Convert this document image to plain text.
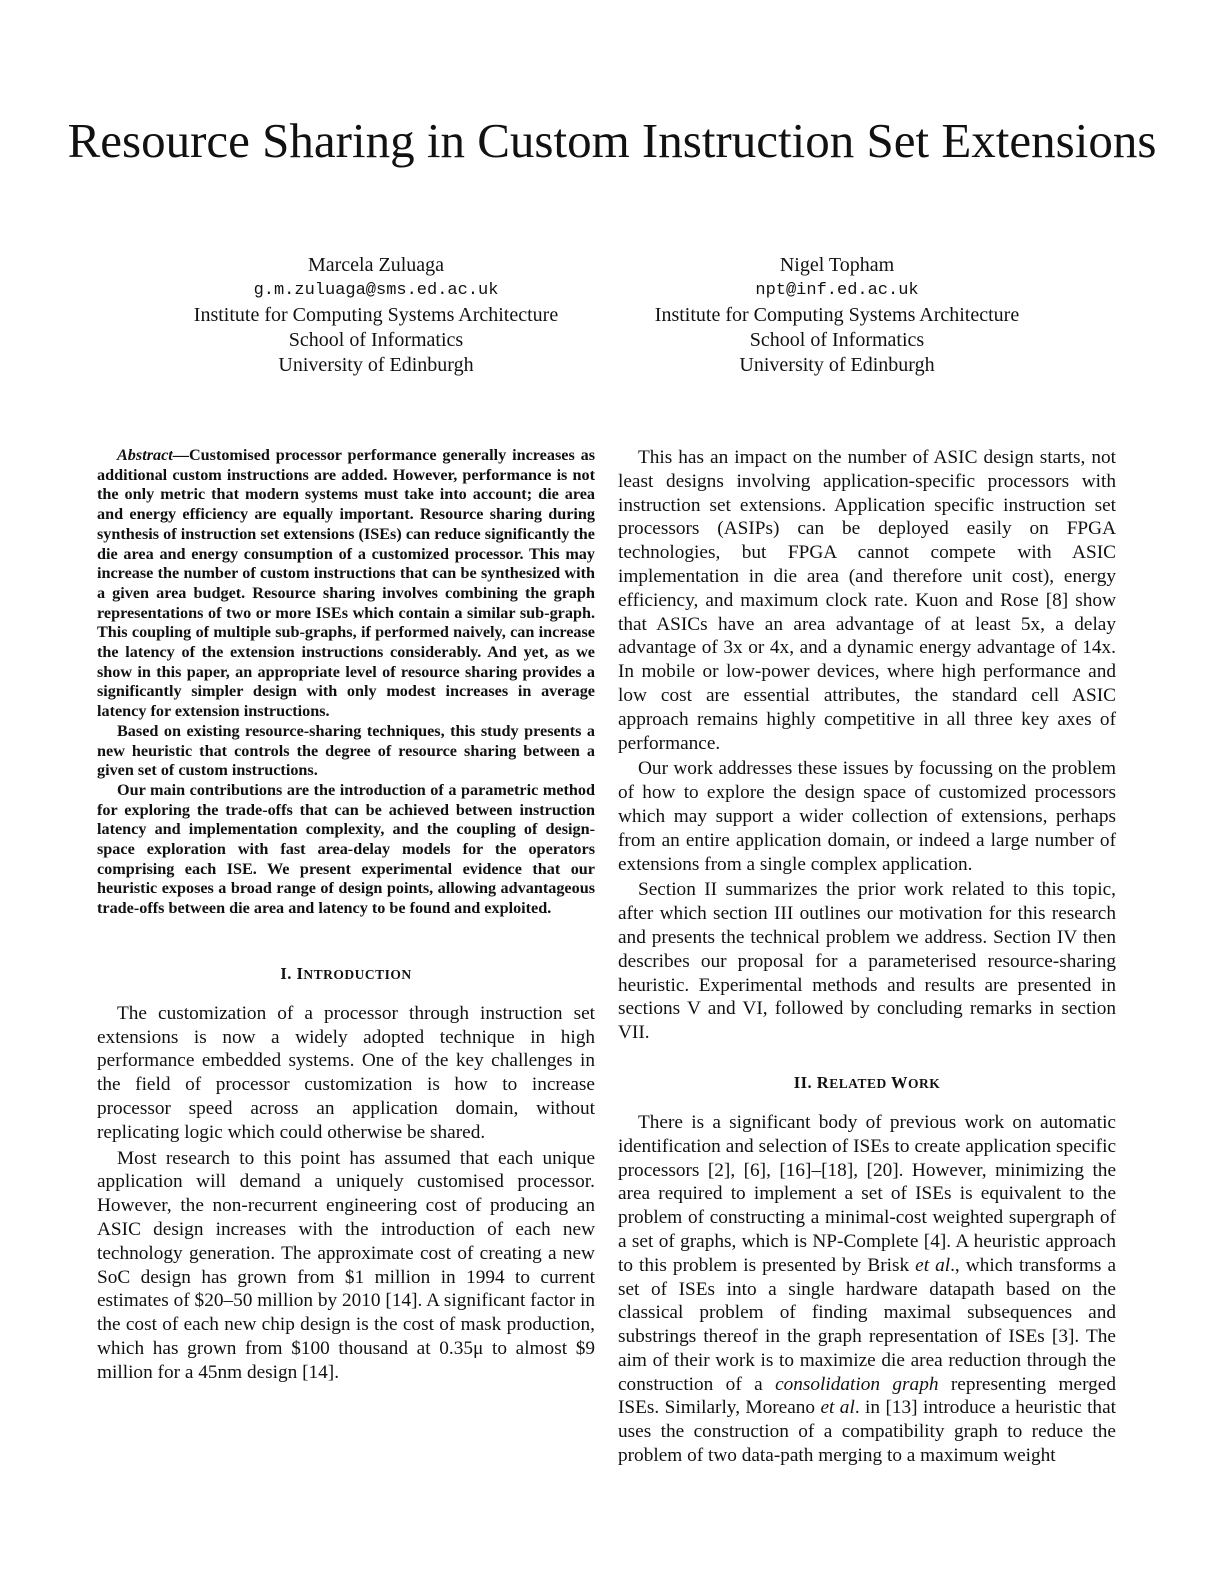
Resource Sharing in Custom Instruction Set Extensions
Marcela Zuluaga
g.m.zuluaga@sms.ed.ac.uk
Institute for Computing Systems Architecture
School of Informatics
University of Edinburgh
Nigel Topham
npt@inf.ed.ac.uk
Institute for Computing Systems Architecture
School of Informatics
University of Edinburgh

Abstract—Customised processor performance generally increases as additional custom instructions are added. However, performance is not the only metric that modern systems must take into account; die area and energy efficiency are equally important. Resource sharing during synthesis of instruction set extensions (ISEs) can reduce significantly the die area and energy consumption of a customized processor. This may increase the number of custom instructions that can be synthesized with a given area budget. Resource sharing involves combining the graph representations of two or more ISEs which contain a similar sub-graph. This coupling of multiple sub-graphs, if performed naively, can increase the latency of the extension instructions considerably. And yet, as we show in this paper, an appropriate level of resource sharing provides a significantly simpler design with only modest increases in average latency for extension instructions.

Based on existing resource-sharing techniques, this study presents a new heuristic that controls the degree of resource sharing between a given set of custom instructions.

Our main contributions are the introduction of a parametric method for exploring the trade-offs that can be achieved between instruction latency and implementation complexity, and the coupling of design-space exploration with fast area-delay models for the operators comprising each ISE. We present experimental evidence that our heuristic exposes a broad range of design points, allowing advantageous trade-offs between die area and latency to be found and exploited.

I. INTRODUCTION

The customization of a processor through instruction set extensions is now a widely adopted technique in high performance embedded systems. One of the key challenges in the field of processor customization is how to increase processor speed across an application domain, without replicating logic which could otherwise be shared.

Most research to this point has assumed that each unique application will demand a uniquely customised processor. However, the non-recurrent engineering cost of producing an ASIC design increases with the introduction of each new technology generation. The approximate cost of creating a new SoC design has grown from $1 million in 1994 to current estimates of $20–50 million by 2010 [14]. A significant factor in the cost of each new chip design is the cost of mask production, which has grown from $100 thousand at 0.35μ to almost $9 million for a 45nm design [14].

This has an impact on the number of ASIC design starts, not least designs involving application-specific processors with instruction set extensions. Application specific instruction set processors (ASIPs) can be deployed easily on FPGA technologies, but FPGA cannot compete with ASIC implementation in die area (and therefore unit cost), energy efficiency, and maximum clock rate. Kuon and Rose [8] show that ASICs have an area advantage of at least 5x, a delay advantage of 3x or 4x, and a dynamic energy advantage of 14x. In mobile or low-power devices, where high performance and low cost are essential attributes, the standard cell ASIC approach remains highly competitive in all three key axes of performance.

Our work addresses these issues by focussing on the problem of how to explore the design space of customized processors which may support a wider collection of extensions, perhaps from an entire application domain, or indeed a large number of extensions from a single complex application.

Section II summarizes the prior work related to this topic, after which section III outlines our motivation for this research and presents the technical problem we address. Section IV then describes our proposal for a parameterised resource-sharing heuristic. Experimental methods and results are presented in sections V and VI, followed by concluding remarks in section VII.

II. RELATED WORK

There is a significant body of previous work on automatic identification and selection of ISEs to create application specific processors [2], [6], [16]–[18], [20]. However, minimizing the area required to implement a set of ISEs is equivalent to the problem of constructing a minimal-cost weighted supergraph of a set of graphs, which is NP-Complete [4]. A heuristic approach to this problem is presented by Brisk et al., which transforms a set of ISEs into a single hardware datapath based on the classical problem of finding maximal subsequences and substrings thereof in the graph representation of ISEs [3]. The aim of their work is to maximize die area reduction through the construction of a consolidation graph representing merged ISEs. Similarly, Moreano et al. in [13] introduce a heuristic that uses the construction of a compatibility graph to reduce the problem of two data-path merging to a maximum weight
